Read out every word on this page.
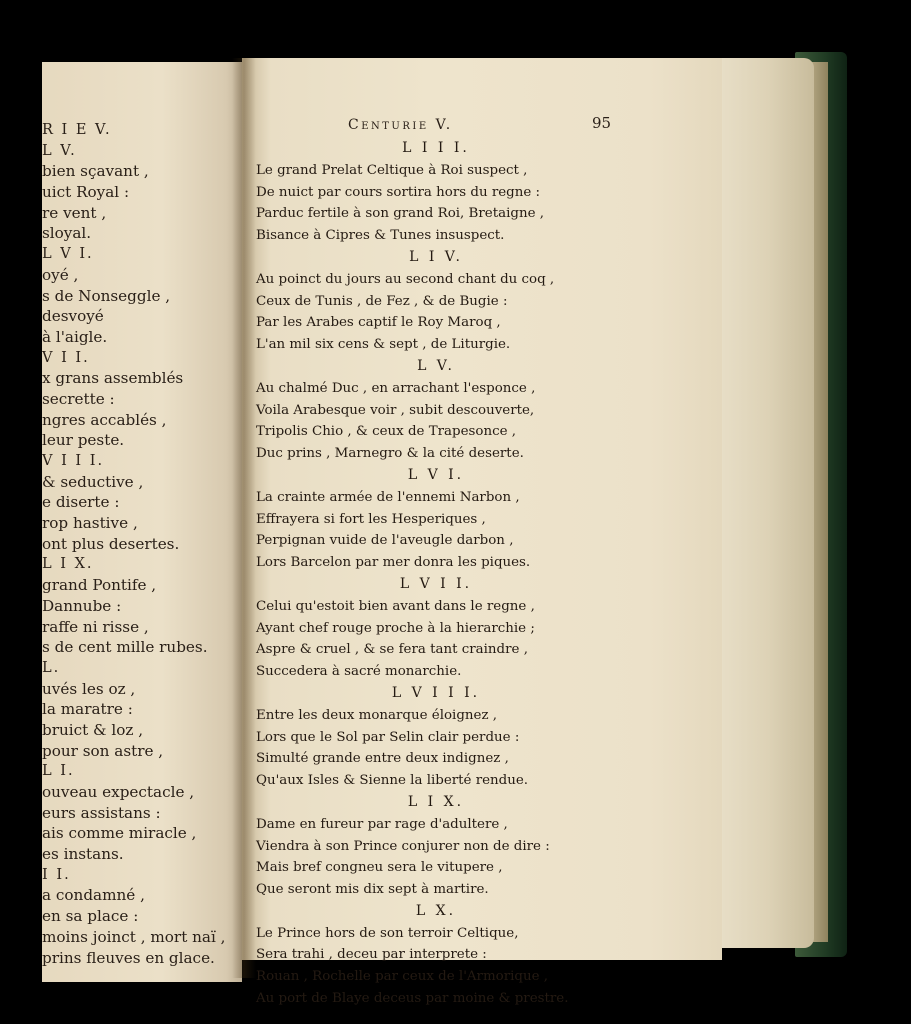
R I E V.
L V.
bien sçavant ,
uict Royal :
re vent ,
sloyal.
L V I.
oyé ,
s de Nonseggle ,
desvoyé
à l'aigle.
V I I.
x grans assemblés
secrette :
ngres accablés ,
leur peste.
V I I I.
& seductive ,
e diserte :
rop hastive ,
ont plus desertes.
L I X.
grand Pontife ,
Dannube :
raffe ni risse ,
s de cent mille rubes.
L.
uvés les oz ,
la maratre :
bruict & loz ,
pour son astre ,
L I.
ouveau expectacle ,
eurs assistans :
ais comme miracle ,
es instans.
I I.
a condamné ,
en sa place :
moins joinct , mort naï ,
prins fleuves en glace.
Centurie V.	95
L I I I.
Le grand Prelat Celtique à Roi suspect ,
De nuict par cours sortira hors du regne :
Parduc fertile à son grand Roi, Bretaigne ,
Bisance à Cipres & Tunes insuspect.
L I V.
Au poinct du jours au second chant du coq ,
Ceux de Tunis , de Fez , & de Bugie :
Par les Arabes captif le Roy Maroq ,
L'an mil six cens & sept , de Liturgie.
L V.
Au chalmé Duc , en arrachant l'esponce ,
Voila Arabesque voir , subit descouverte,
Tripolis Chio , & ceux de Trapesonce ,
Duc prins , Marnegro & la cité deserte.
L V I.
La crainte armée de l'ennemi Narbon ,
Effrayera si fort les Hesperiques ,
Perpignan vuide de l'aveugle darbon ,
Lors Barcelon par mer donra les piques.
L V I I.
Celui qu'estoit bien avant dans le regne ,
Ayant chef rouge proche à la hierarchie ;
Aspre & cruel , & se fera tant craindre ,
Succedera à sacré monarchie.
L V I I I.
Entre les deux monarque éloignez ,
Lors que le Sol par Selin clair perdue :
Simulté grande entre deux indignez ,
Qu'aux Isles & Sienne la liberté rendue.
L I X.
Dame en fureur par rage d'adultere ,
Viendra à son Prince conjurer non de dire :
Mais bref congneu sera le vitupere ,
Que seront mis dix sept à martire.
L X.
Le Prince hors de son terroir Celtique,
Sera trahi , deceu par interprete :
Rouan , Rochelle par ceux de l'Armorique ,
Au port de Blaye deceus par moine & prestre.
